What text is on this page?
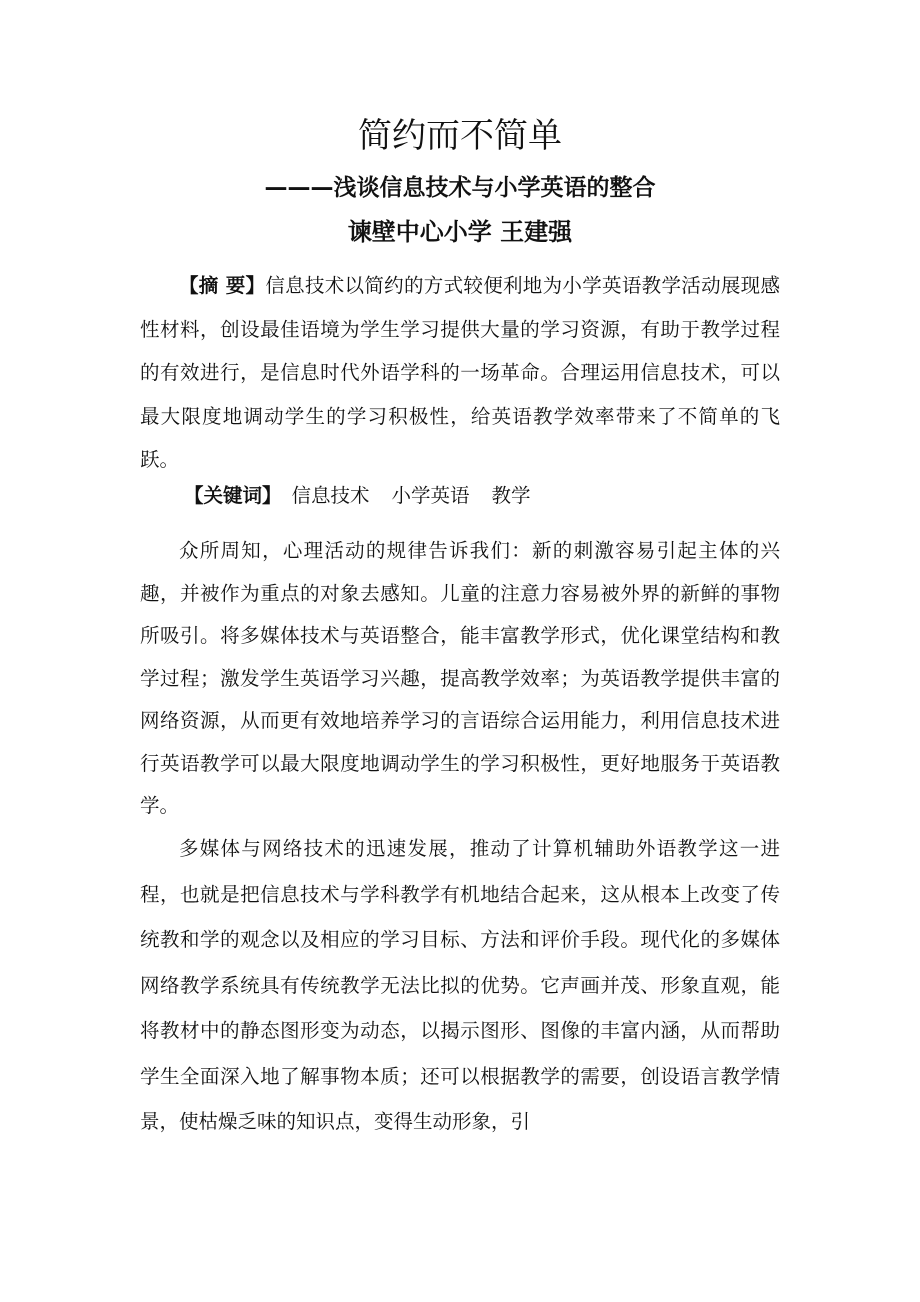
简约而不简单
———浅谈信息技术与小学英语的整合
谏壁中心小学 王建强

【摘 要】信息技术以简约的方式较便利地为小学英语教学活动展现感性材料，创设最佳语境为学生学习提供大量的学习资源，有助于教学过程的有效进行，是信息时代外语学科的一场革命。合理运用信息技术，可以最大限度地调动学生的学习积极性，给英语教学效率带来了不简单的飞跃。

【关键词】 信息技术 小学英语 教学

众所周知，心理活动的规律告诉我们：新的刺激容易引起主体的兴趣，并被作为重点的对象去感知。儿童的注意力容易被外界的新鲜的事物所吸引。将多媒体技术与英语整合，能丰富教学形式，优化课堂结构和教学过程；激发学生英语学习兴趣，提高教学效率；为英语教学提供丰富的网络资源，从而更有效地培养学习的言语综合运用能力，利用信息技术进行英语教学可以最大限度地调动学生的学习积极性，更好地服务于英语教学。

多媒体与网络技术的迅速发展，推动了计算机辅助外语教学这一进程，也就是把信息技术与学科教学有机地结合起来，这从根本上改变了传统教和学的观念以及相应的学习目标、方法和评价手段。现代化的多媒体网络教学系统具有传统教学无法比拟的优势。它声画并茂、形象直观，能将教材中的静态图形变为动态，以揭示图形、图像的丰富内涵，从而帮助学生全面深入地了解事物本质；还可以根据教学的需要，创设语言教学情景，使枯燥乏味的知识点，变得生动形象，引
